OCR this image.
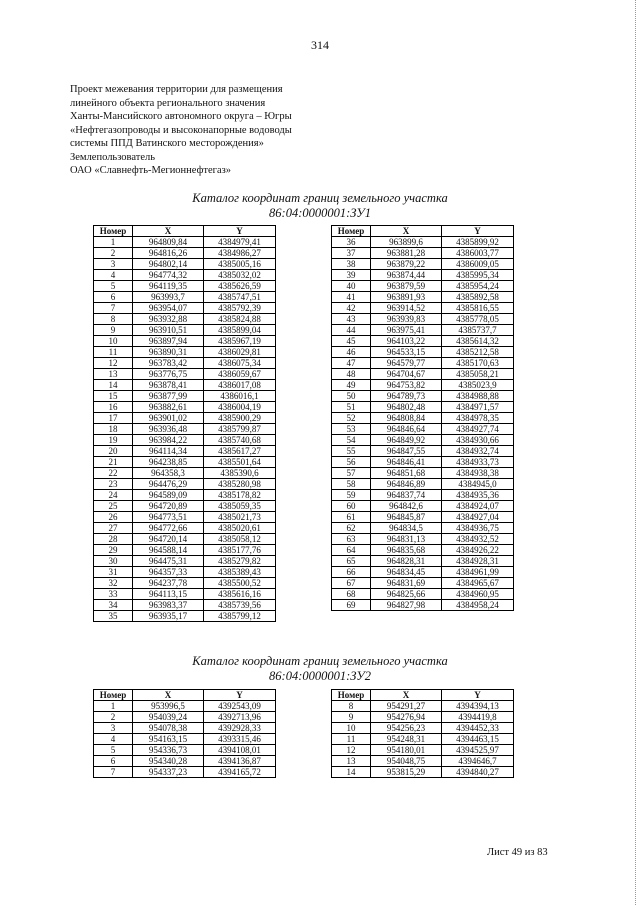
314
Проект межевания территории для размещения
линейного объекта регионального значения
Ханты-Мансийского автономного округа – Югры
«Нефтегазопроводы и высоконапорные водоводы
системы ППД Ватинского месторождения»
Землепользователь
ОАО «Славнефть-Мегионнефтегаз»
Каталог координат границ земельного участка
86:04:0000001:ЗУ1
Номер	X	Y
1	964809,84	4384979,41
2	964816,26	4384986,27
3	964802,14	4385005,16
4	964774,32	4385032,02
5	964119,35	4385626,59
6	963993,7	4385747,51
7	963954,07	4385792,39
8	963932,88	4385824,88
9	963910,51	4385899,04
10	963897,94	4385967,19
11	963890,31	4386029,81
12	963783,42	4386075,34
13	963776,75	4386059,67
14	963878,41	4386017,08
15	963877,99	4386016,1
16	963882,61	4386004,19
17	963901,02	4385900,29
18	963936,48	4385799,87
19	963984,22	4385740,68
20	964114,34	4385617,27
21	964238,85	4385501,64
22	964358,3	4385390,6
23	964476,29	4385280,98
24	964589,09	4385178,82
25	964720,89	4385059,35
26	964773,51	4385021,73
27	964772,66	4385020,61
28	964720,14	4385058,12
29	964588,14	4385177,76
30	964475,31	4385279,82
31	964357,33	4385389,43
32	964237,78	4385500,52
33	964113,15	4385616,16
34	963983,37	4385739,56
35	963935,17	4385799,12
Номер	X	Y
36	963899,6	4385899,92
37	963881,28	4386003,77
38	963879,22	4386009,05
39	963874,44	4385995,34
40	963879,59	4385954,24
41	963891,93	4385892,58
42	963914,52	4385816,55
43	963939,83	4385778,05
44	963975,41	4385737,7
45	964103,22	4385614,32
46	964533,15	4385212,58
47	964579,77	4385170,63
48	964704,67	4385058,21
49	964753,82	4385023,9
50	964789,73	4384988,88
51	964802,48	4384971,57
52	964808,84	4384978,35
53	964846,64	4384927,74
54	964849,92	4384930,66
55	964847,55	4384932,74
56	964846,41	4384933,73
57	964851,68	4384938,38
58	964846,89	4384945,0
59	964837,74	4384935,36
60	964842,6	4384924,07
61	964845,87	4384927,04
62	964834,5	4384936,75
63	964831,13	4384932,52
64	964835,68	4384926,22
65	964828,31	4384928,31
66	964834,45	4384961,99
67	964831,69	4384965,67
68	964825,66	4384960,95
69	964827,98	4384958,24
Каталог координат границ земельного участка
86:04:0000001:ЗУ2
Номер	X	Y
1	953996,5	4392543,09
2	954039,24	4392713,96
3	954078,38	4392928,33
4	954163,15	4393315,46
5	954336,73	4394108,01
6	954340,28	4394136,87
7	954337,23	4394165,72
Номер	X	Y
8	954291,27	4394394,13
9	954276,94	4394419,8
10	954256,23	4394452,33
11	954248,31	4394463,15
12	954180,01	4394525,97
13	954048,75	4394646,7
14	953815,29	4394840,27
Лист 49 из 83
